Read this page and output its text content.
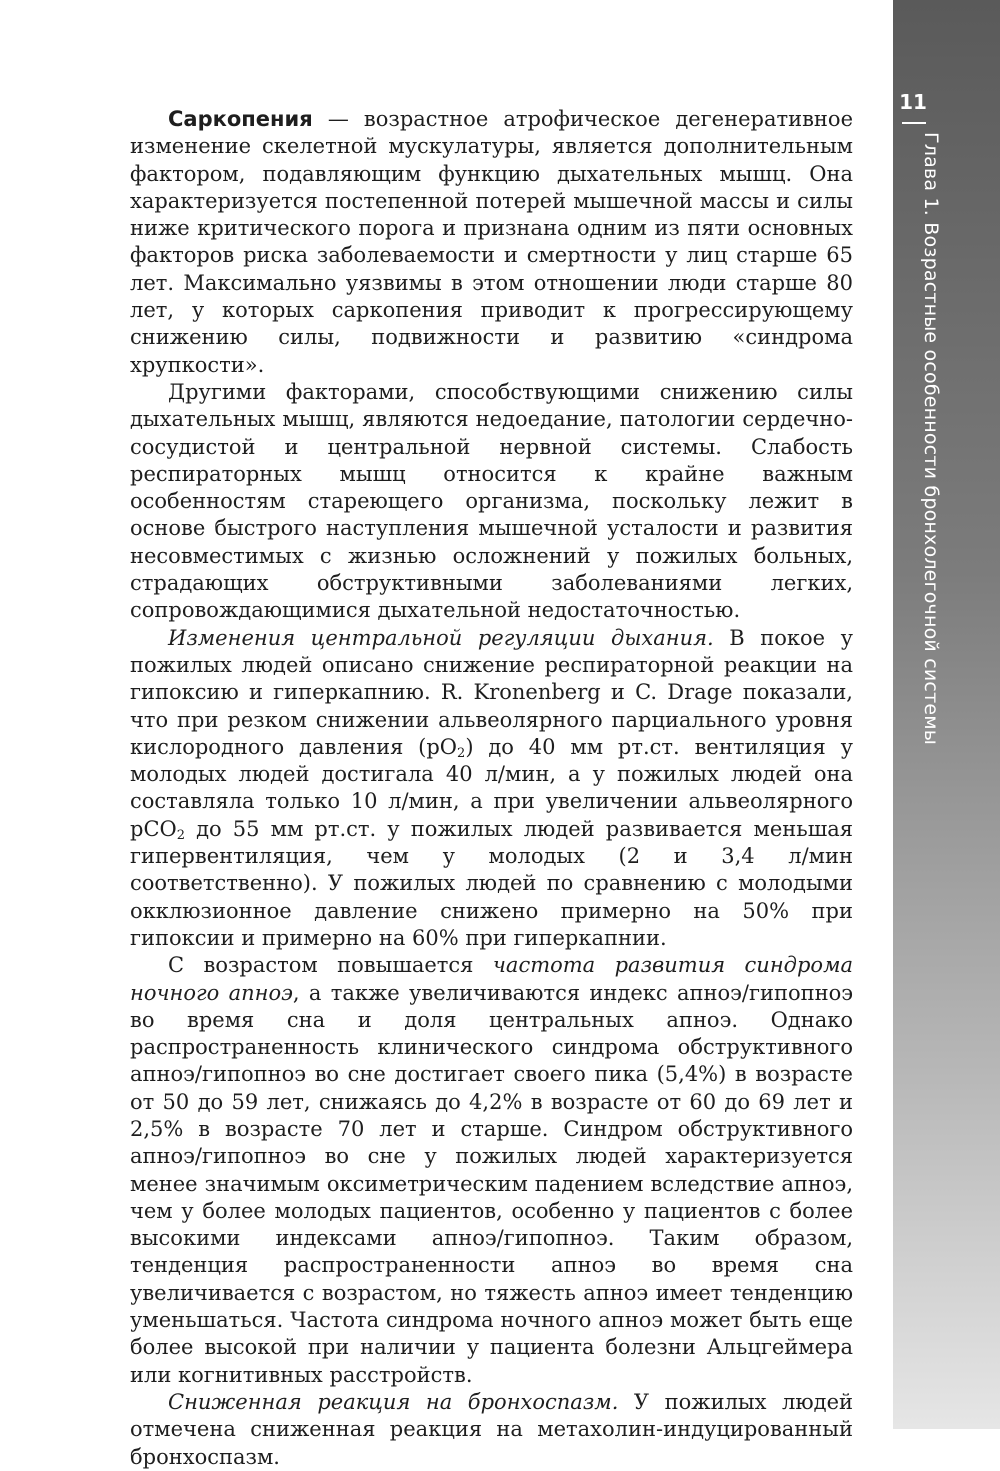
11
Глава 1. Возрастные особенности бронхолегочной системы

Саркопения — возрастное атрофическое дегенеративное изменение скелетной мускулатуры, является дополнительным фактором, подавляющим функцию дыхательных мышц. Она характеризуется постепенной потерей мышечной массы и силы ниже критического порога и признана одним из пяти основных факторов риска заболеваемости и смертности у лиц старше 65 лет. Максимально уязвимы в этом отношении люди старше 80 лет, у которых саркопения приводит к прогрессирующему снижению силы, подвижности и развитию «синдрома хрупкости».

Другими факторами, способствующими снижению силы дыхательных мышц, являются недоедание, патологии сердечно-сосудистой и центральной нервной системы. Слабость респираторных мышц относится к крайне важным особенностям стареющего организма, поскольку лежит в основе быстрого наступления мышечной усталости и развития несовместимых с жизнью осложнений у пожилых больных, страдающих обструктивными заболеваниями легких, сопровождающимися дыхательной недостаточностью.

Изменения центральной регуляции дыхания. В покое у пожилых людей описано снижение респираторной реакции на гипоксию и гиперкапнию. R. Kronenberg и C. Drage показали, что при резком снижении альвеолярного парциального уровня кислородного давления $(pO_2)$ до 40 мм рт.ст. вентиляция у молодых людей достигала 40 л/мин, а у пожилых людей она составляла только 10 л/мин, а при увеличении альвеолярного pCO$_2$ до 55 мм рт.ст. у пожилых людей развивается меньшая гипервентиляция, чем у молодых (2 и 3,4 л/мин соответственно). У пожилых людей по сравнению с молодыми окклюзионное давление снижено примерно на 50% при гипоксии и примерно на 60% при гиперкапнии.

С возрастом повышается частота развития синдрома ночного апноэ, а также увеличиваются индекс апноэ/гипопноэ во время сна и доля центральных апноэ. Однако распространенность клинического синдрома обструктивного апноэ/гипопноэ во сне достигает своего пика (5,4%) в возрасте от 50 до 59 лет, снижаясь до 4,2% в возрасте от 60 до 69 лет и 2,5% в возрасте 70 лет и старше. Синдром обструктивного апноэ/гипопноэ во сне у пожилых людей характеризуется менее значимым оксиметрическим падением вследствие апноэ, чем у более молодых пациентов, особенно у пациентов с более высокими индексами апноэ/гипопноэ. Таким образом, тенденция распространенности апноэ во время сна увеличивается с возрастом, но тяжесть апноэ имеет тенденцию уменьшаться. Частота синдрома ночного апноэ может быть еще более высокой при наличии у пациента болезни Альцгеймера или когнитивных расстройств.

Сниженная реакция на бронхоспазм. У пожилых людей отмечена сниженная реакция на метахолин-индуцированный бронхоспазм.
